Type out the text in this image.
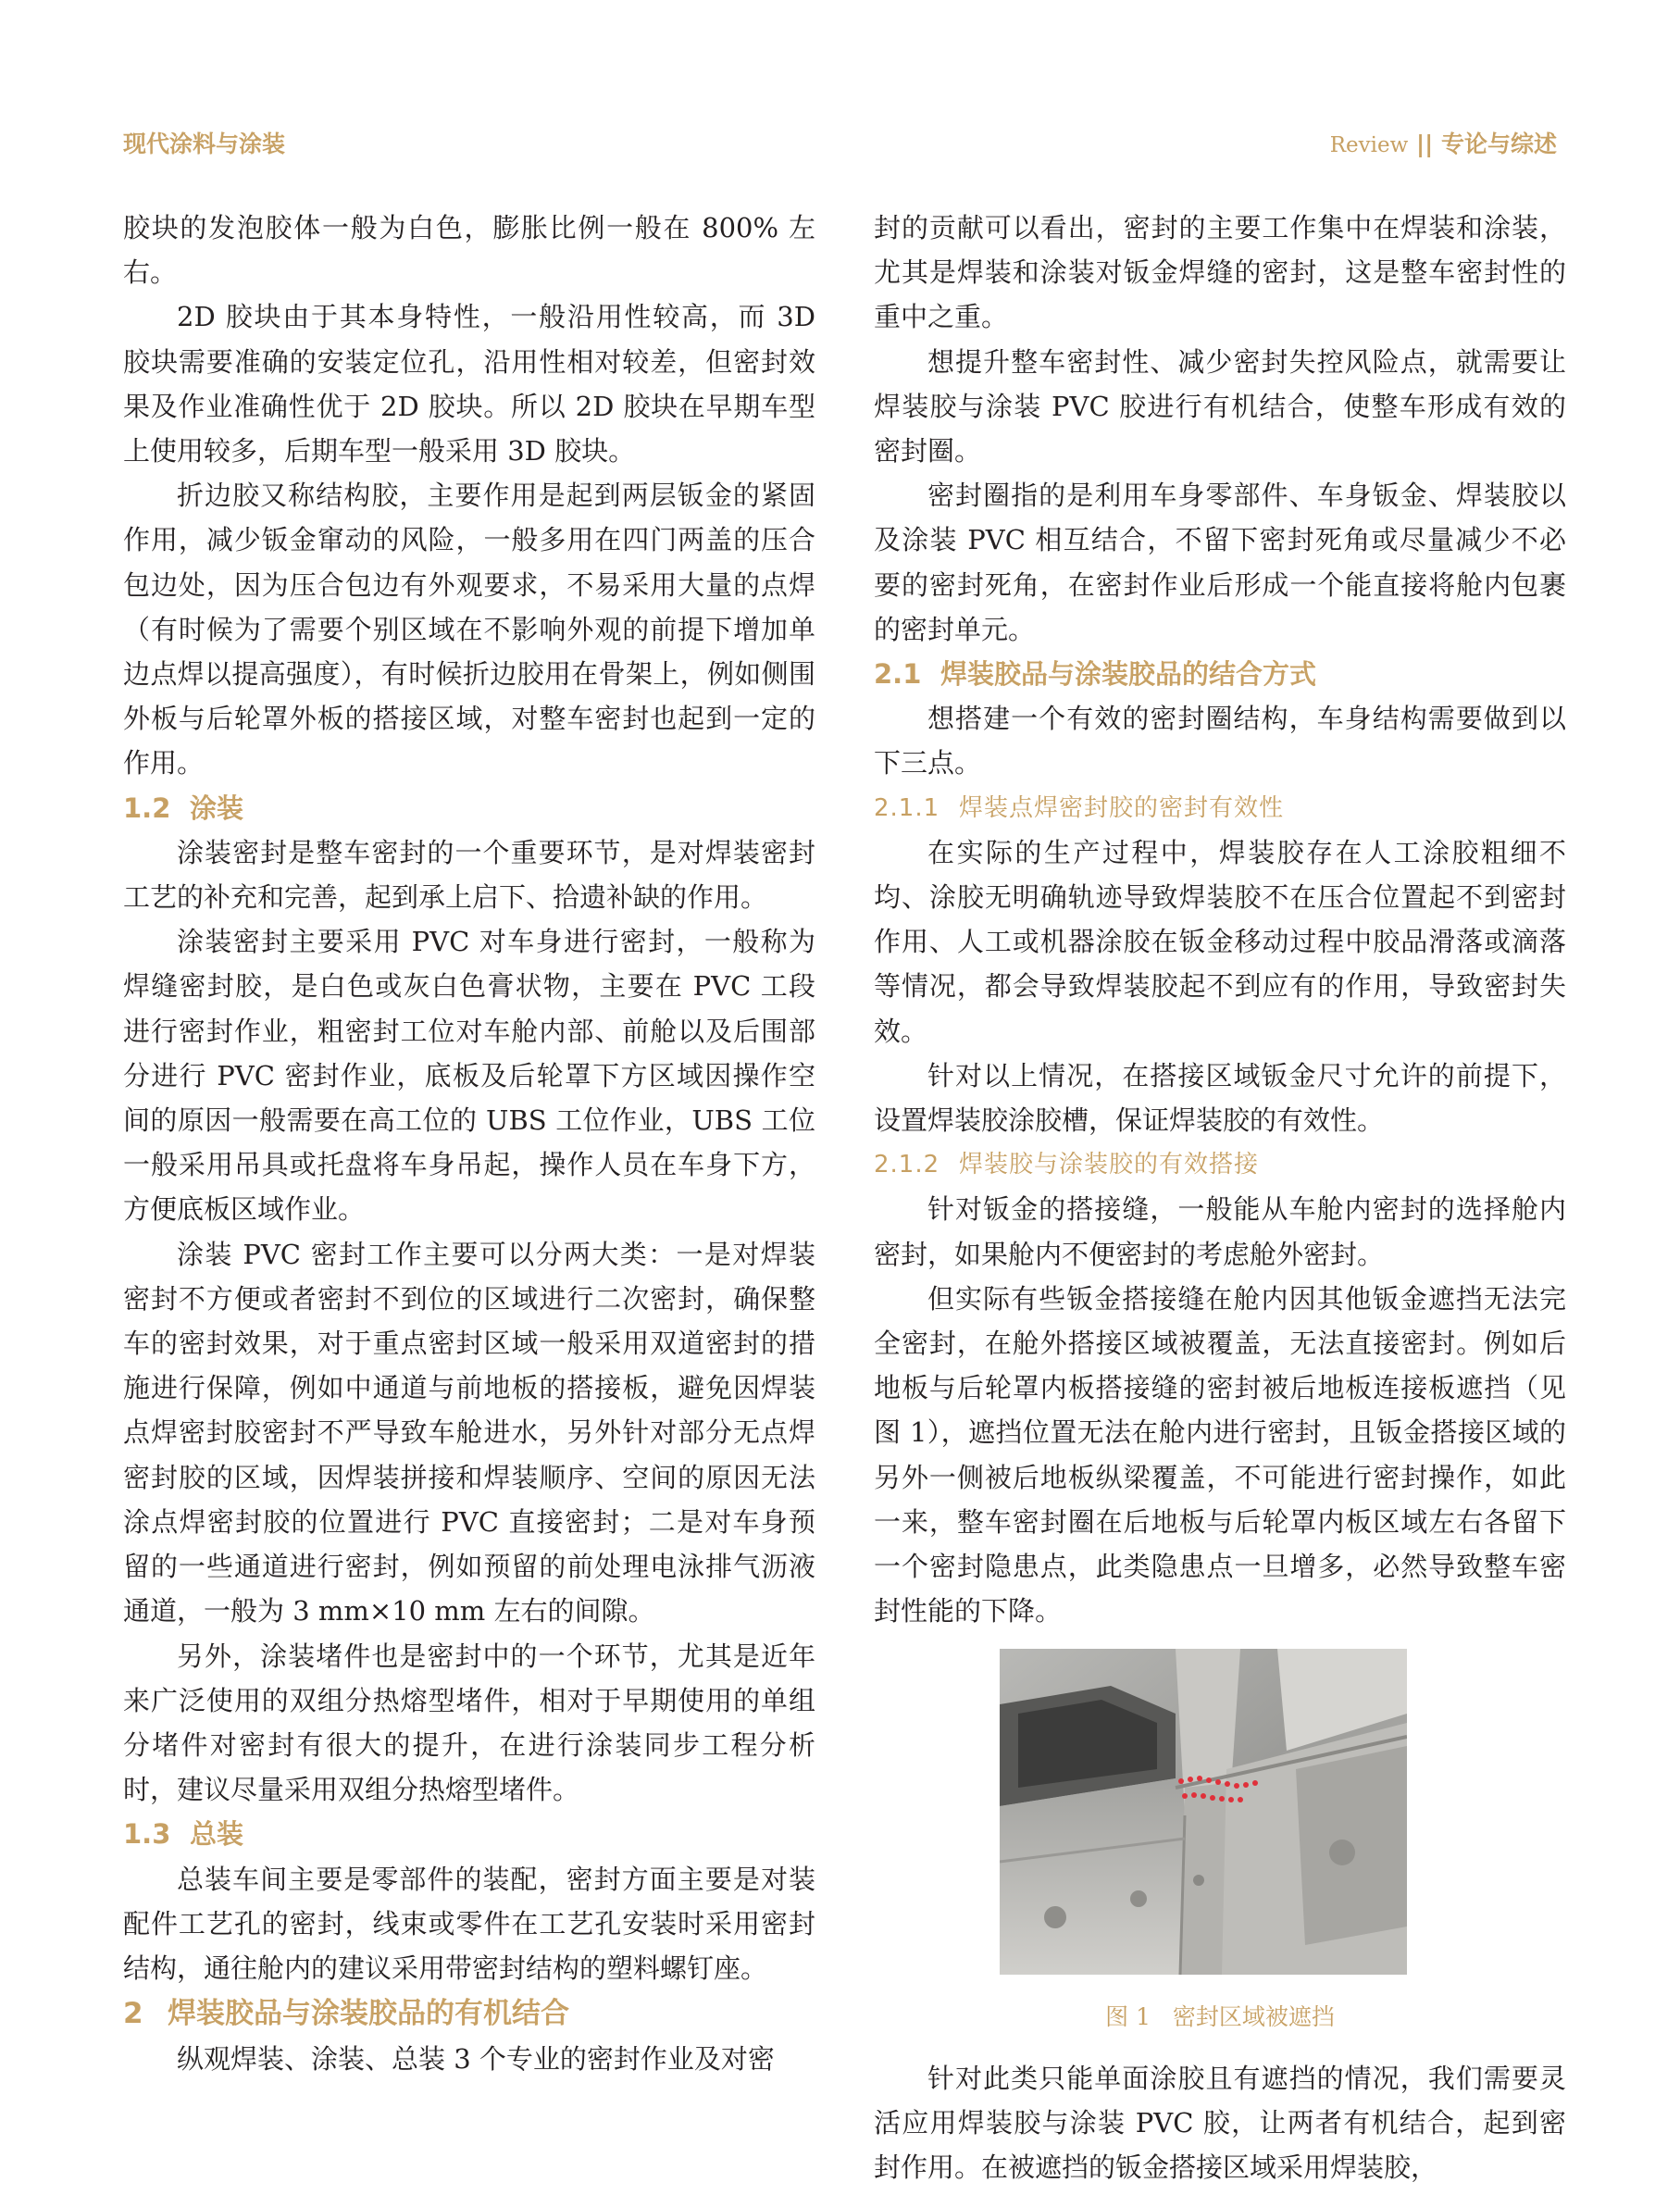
现代涂料与涂装	Review || 专论与综述

胶块的发泡胶体一般为白色，膨胀比例一般在 800% 左右。

2D 胶块由于其本身特性，一般沿用性较高，而 3D 胶块需要准确的安装定位孔，沿用性相对较差，但密封效果及作业准确性优于 2D 胶块。所以 2D 胶块在早期车型上使用较多，后期车型一般采用 3D 胶块。

折边胶又称结构胶，主要作用是起到两层钣金的紧固作用，减少钣金窜动的风险，一般多用在四门两盖的压合包边处，因为压合包边有外观要求，不易采用大量的点焊（有时候为了需要个别区域在不影响外观的前提下增加单边点焊以提高强度），有时候折边胶用在骨架上，例如侧围外板与后轮罩外板的搭接区域，对整车密封也起到一定的作用。

1.2 涂装

涂装密封是整车密封的一个重要环节，是对焊装密封工艺的补充和完善，起到承上启下、拾遗补缺的作用。

涂装密封主要采用 PVC 对车身进行密封，一般称为焊缝密封胶，是白色或灰白色膏状物，主要在 PVC 工段进行密封作业，粗密封工位对车舱内部、前舱以及后围部分进行 PVC 密封作业，底板及后轮罩下方区域因操作空间的原因一般需要在高工位的 UBS 工位作业，UBS 工位一般采用吊具或托盘将车身吊起，操作人员在车身下方，方便底板区域作业。

涂装 PVC 密封工作主要可以分两大类：一是对焊装密封不方便或者密封不到位的区域进行二次密封，确保整车的密封效果，对于重点密封区域一般采用双道密封的措施进行保障，例如中通道与前地板的搭接板，避免因焊装点焊密封胶密封不严导致车舱进水，另外针对部分无点焊密封胶的区域，因焊装拼接和焊装顺序、空间的原因无法涂点焊密封胶的位置进行 PVC 直接密封；二是对车身预留的一些通道进行密封，例如预留的前处理电泳排气沥液通道，一般为 3 mm×10 mm 左右的间隙。

另外，涂装堵件也是密封中的一个环节，尤其是近年来广泛使用的双组分热熔型堵件，相对于早期使用的单组分堵件对密封有很大的提升，在进行涂装同步工程分析时，建议尽量采用双组分热熔型堵件。

1.3 总装

总装车间主要是零部件的装配，密封方面主要是对装配件工艺孔的密封，线束或零件在工艺孔安装时采用密封结构，通往舱内的建议采用带密封结构的塑料螺钉座。

2 焊装胶品与涂装胶品的有机结合

纵观焊装、涂装、总装 3 个专业的密封作业及对密

封的贡献可以看出，密封的主要工作集中在焊装和涂装，尤其是焊装和涂装对钣金焊缝的密封，这是整车密封性的重中之重。

想提升整车密封性、减少密封失控风险点，就需要让焊装胶与涂装 PVC 胶进行有机结合，使整车形成有效的密封圈。

密封圈指的是利用车身零部件、车身钣金、焊装胶以及涂装 PVC 相互结合，不留下密封死角或尽量减少不必要的密封死角，在密封作业后形成一个能直接将舱内包裹的密封单元。

2.1 焊装胶品与涂装胶品的结合方式

想搭建一个有效的密封圈结构，车身结构需要做到以下三点。

2.1.1 焊装点焊密封胶的密封有效性

在实际的生产过程中，焊装胶存在人工涂胶粗细不均、涂胶无明确轨迹导致焊装胶不在压合位置起不到密封作用、人工或机器涂胶在钣金移动过程中胶品滑落或滴落等情况，都会导致焊装胶起不到应有的作用，导致密封失效。

针对以上情况，在搭接区域钣金尺寸允许的前提下，设置焊装胶涂胶槽，保证焊装胶的有效性。

2.1.2 焊装胶与涂装胶的有效搭接

针对钣金的搭接缝，一般能从车舱内密封的选择舱内密封，如果舱内不便密封的考虑舱外密封。

但实际有些钣金搭接缝在舱内因其他钣金遮挡无法完全密封，在舱外搭接区域被覆盖，无法直接密封。例如后地板与后轮罩内板搭接缝的密封被后地板连接板遮挡（见图 1），遮挡位置无法在舱内进行密封，且钣金搭接区域的另外一侧被后地板纵梁覆盖，不可能进行密封操作，如此一来，整车密封圈在后地板与后轮罩内板区域左右各留下一个密封隐患点，此类隐患点一旦增多，必然导致整车密封性能的下降。

图 1 密封区域被遮挡

针对此类只能单面涂胶且有遮挡的情况，我们需要灵活应用焊装胶与涂装 PVC 胶，让两者有机结合，起到密封作用。在被遮挡的钣金搭接区域采用焊装胶，
